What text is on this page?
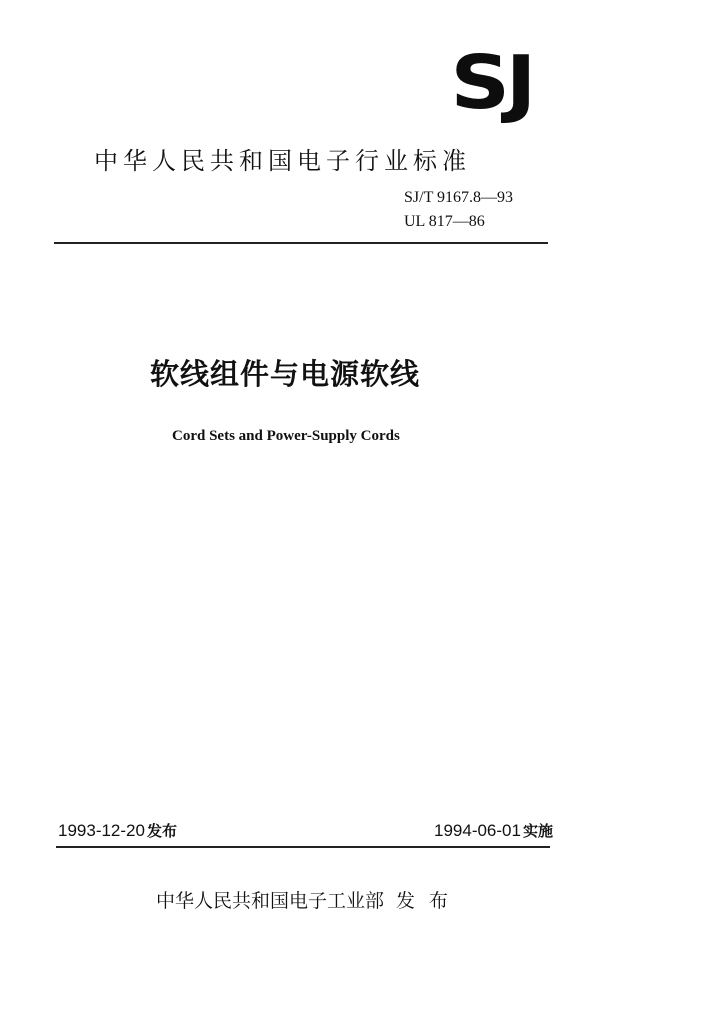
SJ
中华人民共和国电子行业标准
SJ/T 9167.8—93
UL 817—86
软线组件与电源软线
Cord Sets and Power-Supply Cords
1993-12-20 发布	1994-06-01 实施
中华人民共和国电子工业部 发布
